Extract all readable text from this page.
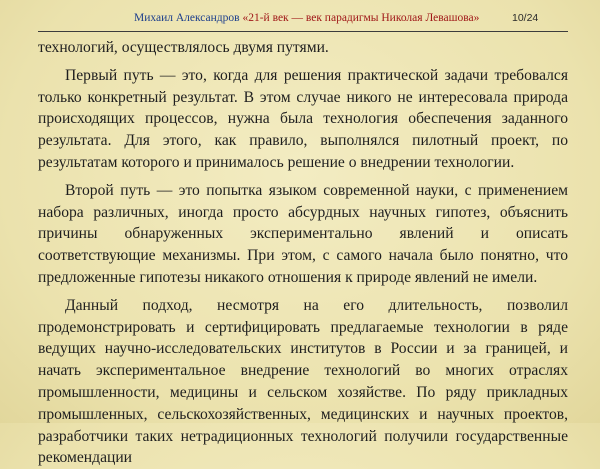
Михаил Александров «21-й век — век парадигмы Николая Левашова»	10/24

технологий, осуществлялось двумя путями.

Первый путь — это, когда для решения практической задачи требовался только конкретный результат. В этом случае никого не интересовала природа происходящих процессов, нужна была технология обеспечения заданного результата. Для этого, как правило, выполнялся пилотный проект, по результатам которого и принималось решение о внедрении технологии.

Второй путь — это попытка языком современной науки, с применением набора различных, иногда просто абсурдных научных гипотез, объяснить причины обнаруженных экспериментально явлений и описать соответствующие механизмы. При этом, с самого начала было понятно, что предложенные гипотезы никакого отношения к природе явлений не имели.

Данный подход, несмотря на его длительность, позволил продемонстрировать и сертифицировать предлагаемые технологии в ряде ведущих научно-исследовательских институтов в России и за границей, и начать экспериментальное внедрение технологий во многих отраслях промышленности, медицины и сельском хозяйстве. По ряду прикладных промышленных, сельскохозяйственных, медицинских и научных проектов, разработчики таких нетрадиционных технологий получили государственные рекомендации
